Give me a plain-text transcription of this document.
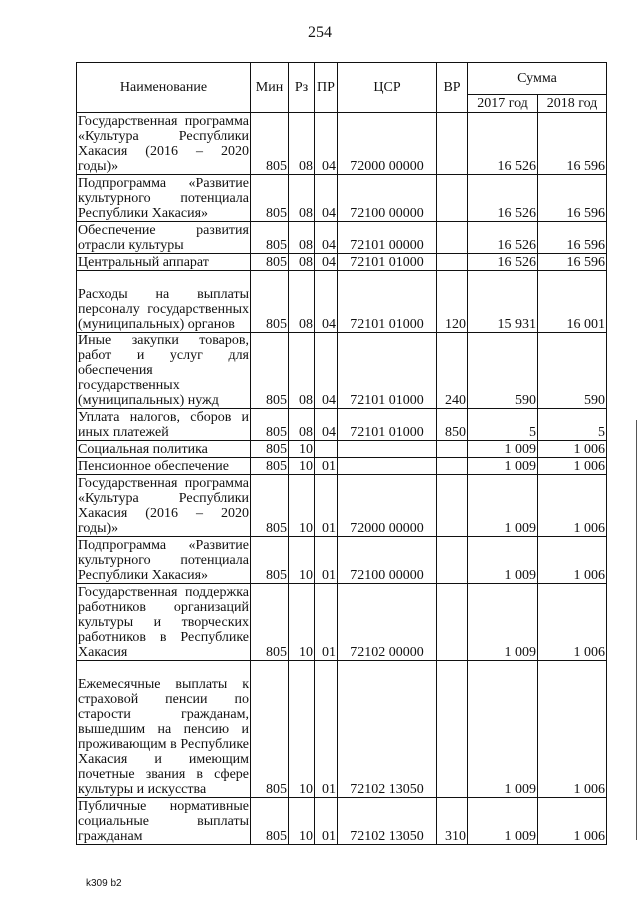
254
Наименование	Мин	Рз	ПР	ЦСР	ВР	Сумма	
						2017 год	2018 год
Государственная программа «Культура Республики Хакасия (2016 – 2020 годы)»	805	08	04	72000 00000		16 526	16 596
Подпрограмма «Развитие культурного потенциала Республики Хакасия»	805	08	04	72100 00000		16 526	16 596
Обеспечение развития отрасли культуры	805	08	04	72101 00000		16 526	16 596
Центральный аппарат	805	08	04	72101 01000		16 526	16 596
Расходы на выплаты персоналу государственных (муниципальных) органов	805	08	04	72101 01000	120	15 931	16 001
Иные закупки товаров, работ и услуг для обеспечения государственных (муниципальных) нужд	805	08	04	72101 01000	240	590	590
Уплата налогов, сборов и иных платежей	805	08	04	72101 01000	850	5	5
Социальная политика	805	10				1 009	1 006
Пенсионное обеспечение	805	10	01			1 009	1 006
Государственная программа «Культура Республики Хакасия (2016 – 2020 годы)»	805	10	01	72000 00000		1 009	1 006
Подпрограмма «Развитие культурного потенциала Республики Хакасия»	805	10	01	72100 00000		1 009	1 006
Государственная поддержка работников организаций культуры и творческих работников в Республике Хакасия	805	10	01	72102 00000		1 009	1 006
Ежемесячные выплаты к страховой пенсии по старости гражданам, вышедшим на пенсию и проживающим в Республике Хакасия и имеющим почетные звания в сфере культуры и искусства	805	10	01	72102 13050		1 009	1 006
Публичные нормативные социальные выплаты гражданам	805	10	01	72102 13050	310	1 009	1 006
k309 b2
